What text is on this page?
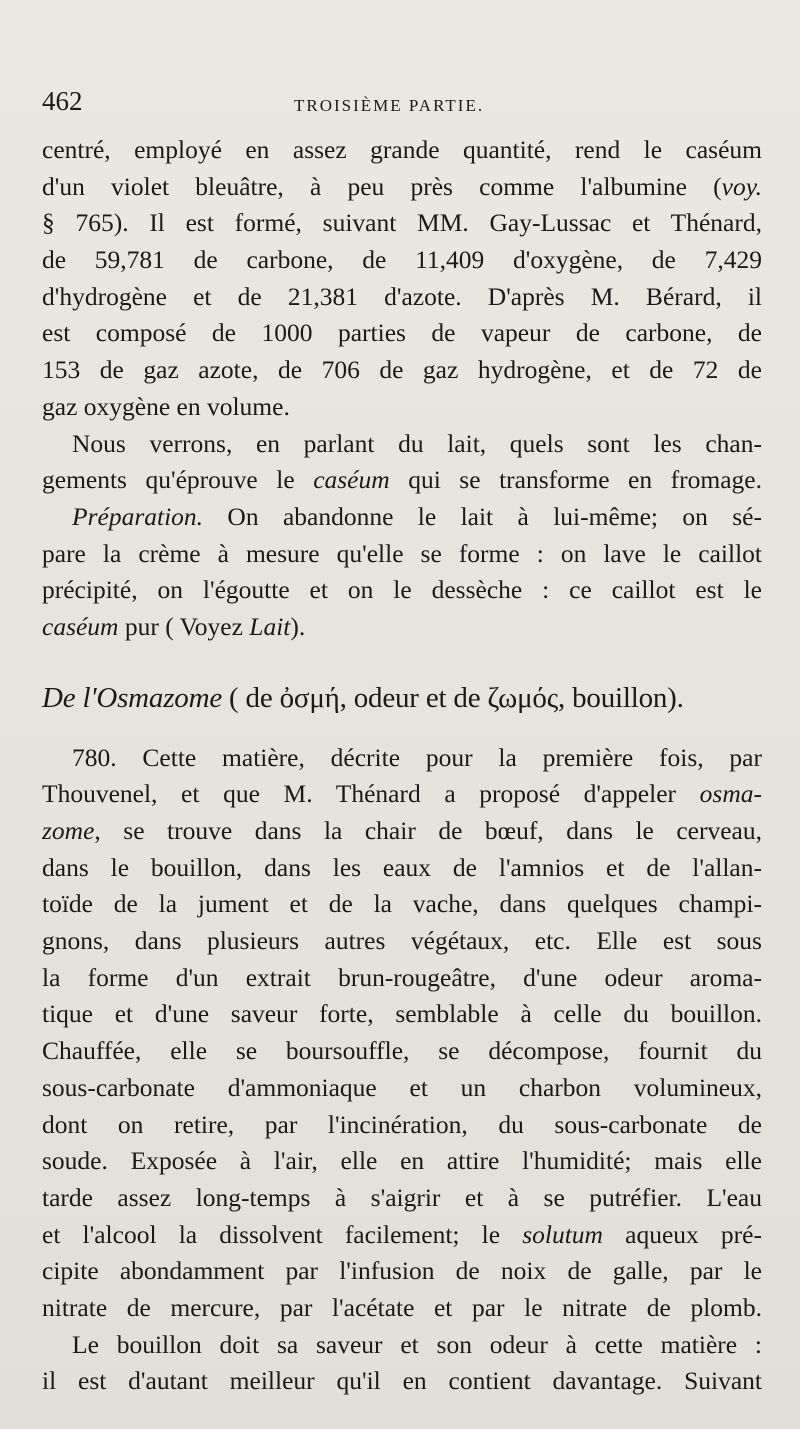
462	TROISIÈME PARTIE.
centré, employé en assez grande quantité, rend le caséum
d'un violet bleuâtre, à peu près comme l'albumine (voy.
§ 765). Il est formé, suivant MM. Gay-Lussac et Thénard,
de 59,781 de carbone, de 11,409 d'oxygène, de 7,429
d'hydrogène et de 21,381 d'azote. D'après M. Bérard, il
est composé de 1000 parties de vapeur de carbone, de
153 de gaz azote, de 706 de gaz hydrogène, et de 72 de
gaz oxygène en volume.
Nous verrons, en parlant du lait, quels sont les chan-
gements qu'éprouve le caséum qui se transforme en fromage.
Préparation. On abandonne le lait à lui-même; on sé-
pare la crème à mesure qu'elle se forme : on lave le caillot
précipité, on l'égoutte et on le dessèche : ce caillot est le
caséum pur ( Voyez Lait).
De l'Osmazome ( de ὀσμή, odeur et de ζωμός, bouillon).
780. Cette matière, décrite pour la première fois, par
Thouvenel, et que M. Thénard a proposé d'appeler osma-
zome, se trouve dans la chair de bœuf, dans le cerveau,
dans le bouillon, dans les eaux de l'amnios et de l'allan-
toïde de la jument et de la vache, dans quelques champi-
gnons, dans plusieurs autres végétaux, etc. Elle est sous
la forme d'un extrait brun-rougeâtre, d'une odeur aroma-
tique et d'une saveur forte, semblable à celle du bouillon.
Chauffée, elle se boursouffle, se décompose, fournit du
sous-carbonate d'ammoniaque et un charbon volumineux,
dont on retire, par l'incinération, du sous-carbonate de
soude. Exposée à l'air, elle en attire l'humidité; mais elle
tarde assez long-temps à s'aigrir et à se putréfier. L'eau
et l'alcool la dissolvent facilement; le solutum aqueux pré-
cipite abondamment par l'infusion de noix de galle, par le
nitrate de mercure, par l'acétate et par le nitrate de plomb.
Le bouillon doit sa saveur et son odeur à cette matière :
il est d'autant meilleur qu'il en contient davantage. Suivant
